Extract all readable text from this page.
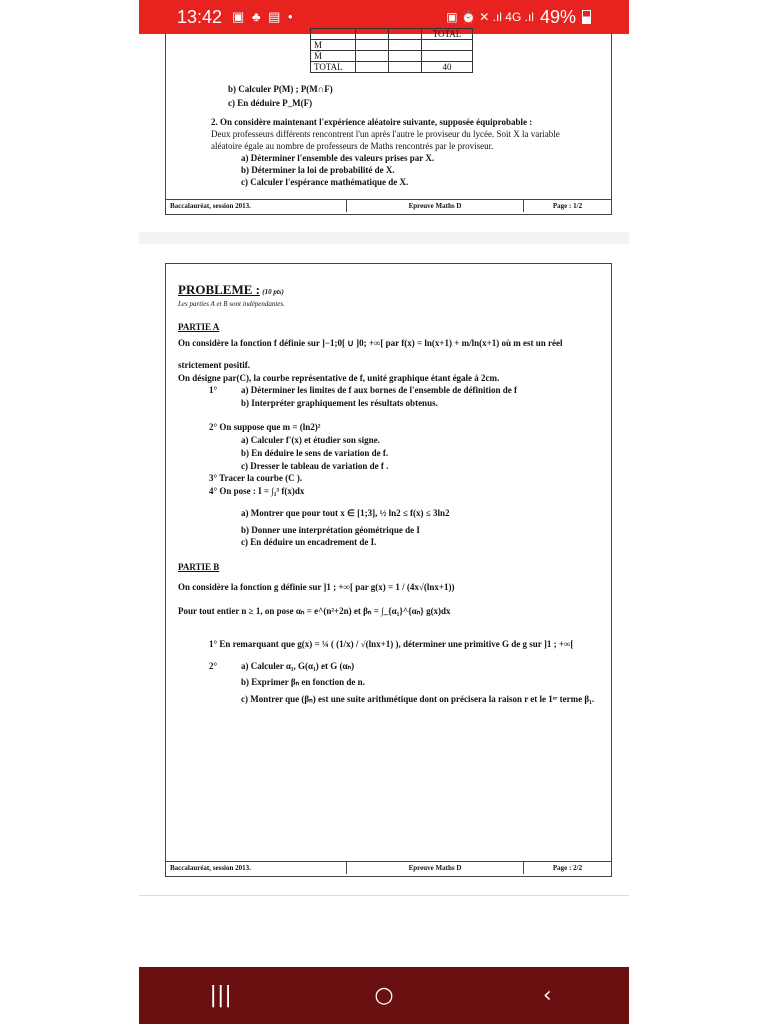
13:42 ▣ ♣ ▤ •	▣ ⏰ ✕ .ıl 4G .ıl 49%
			TOTAL
M			
M̄			
TOTAL			40
b) Calculer P(M) ; P(M∩F)
c) En déduire P_M(F)
2. On considère maintenant l'expérience aléatoire suivante, supposée équiprobable :
Deux professeurs différents rencontrent l'un après l'autre le proviseur du lycée. Soit X la variable
aléatoire égale au nombre de professeurs de Maths rencontrés par le proviseur.
a) Déterminer l'ensemble des valeurs prises par X.
b) Déterminer la loi de probabilité de X.
c) Calculer l'espérance mathématique de X.
Baccalauréat, session 2013.	Epreuve Maths D	Page : 1/2
PROBLEME : (10 pts)
Les parties A et B sont indépendantes.
PARTIE A
On considère la fonction f définie sur ]−1;0[ ∪ ]0; +∞[ par f(x) = ln(x+1) + m/ln(x+1) où m est un réel
strictement positif.
On désigne par(C), la courbe représentative de f, unité graphique étant égale à 2cm.
1°	a) Déterminer les limites de f aux bornes de l'ensemble de définition de f
b) Interpréter graphiquement les résultats obtenus.
2° On suppose que m = (ln2)²
a) Calculer f'(x) et étudier son signe.
b) En déduire le sens de variation de f.
c) Dresser le tableau de variation de f .
3° Tracer la courbe (C ).
4° On pose : I = ∫₁³ f(x)dx
a) Montrer que pour tout x ∈ [1;3], ½ ln2 ≤ f(x) ≤ 3ln2
b) Donner une interprétation géométrique de I
c) En déduire un encadrement de I.
PARTIE B
On considère la fonction g définie sur ]1 ; +∞[ par g(x) = 1 / (4x√(lnx+1))
Pour tout entier n ≥ 1, on pose αₙ = e^(n²+2n) et βₙ = ∫_{α₁}^{αₙ} g(x)dx
1° En remarquant que g(x) = ¼ ( (1/x) / √(lnx+1) ), déterminer une primitive G de g sur ]1 ; +∞[
2°	a) Calculer α₁, G(α₁) et G (αₙ)
b) Exprimer βₙ en fonction de n.
c) Montrer que (βₙ) est une suite arithmétique dont on précisera la raison r et le 1ᵉʳ terme β₁.
Baccalauréat, session 2013.	Epreuve Maths D	Page : 2/2
|||	○	‹
